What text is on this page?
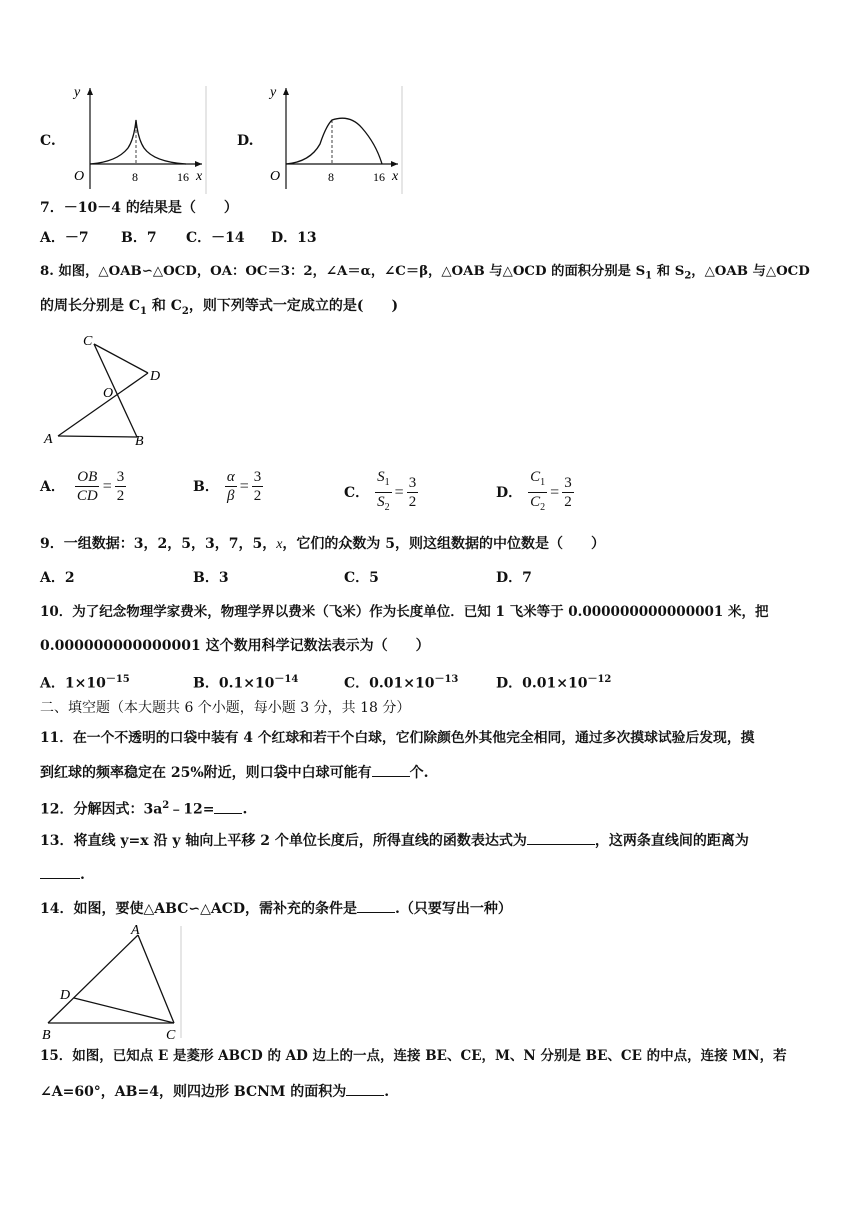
C.
y
x
O	8	16
D.
y
x
O	8	16
7．－10－4 的结果是（　　）
A．－7 B．7 C．－14 D．13
8. 如图，△OAB∽△OCD，OA：OC＝3：2，∠A＝α，∠C＝β，△OAB 与△OCD 的面积分别是 $S_1$ 和 $S_2$，△OAB 与△OCD
的周长分别是 $C_1$ 和 $C_2$，则下列等式一定成立的是(　　)
C
D
O
A	B
A． $\frac{OB}{CD} = \frac{3}{2}$	B． $\frac{\alpha}{\beta} = \frac{3}{2}$	C． $\frac{S_1}{S_2} = \frac{3}{2}$	D． $\frac{C_1}{C_2} = \frac{3}{2}$
9．一组数据：3，2，5，3，7，5，x，它们的众数为 5，则这组数据的中位数是（　　）
A．2	B．3	C．5	D．7
10．为了纪念物理学家费米，物理学界以费米（飞米）作为长度单位．已知 1 飞米等于 0.000000000000001 米，把
0.000000000000001 这个数用科学记数法表示为（　　）
A．$1\times 10^{-15}$	B．$0.1\times 10^{-14}$	C．$0.01\times 10^{-13}$	D．$0.01\times 10^{-12}$
二、填空题（本大题共 6 个小题，每小题 3 分，共 18 分）
11．在一个不透明的口袋中装有 4 个红球和若干个白球，它们除颜色外其他完全相同，通过多次摸球试验后发现，摸
到红球的频率稳定在 25%附近，则口袋中白球可能有	个.
12．分解因式：$3a^2﹣12=$ .
13．将直线 y=x 沿 y 轴向上平移 2 个单位长度后，所得直线的函数表达式为	，这两条直线间的距离为
.
14．如图，要使△ABC∽△ACD，需补充的条件是	.（只要写出一种）
A
D
B	C
15．如图，已知点 E 是菱形 ABCD 的 AD 边上的一点，连接 BE、CE，M、N 分别是 BE、CE 的中点，连接 MN，若
∠A=60°，AB=4，则四边形 BCNM 的面积为	.
